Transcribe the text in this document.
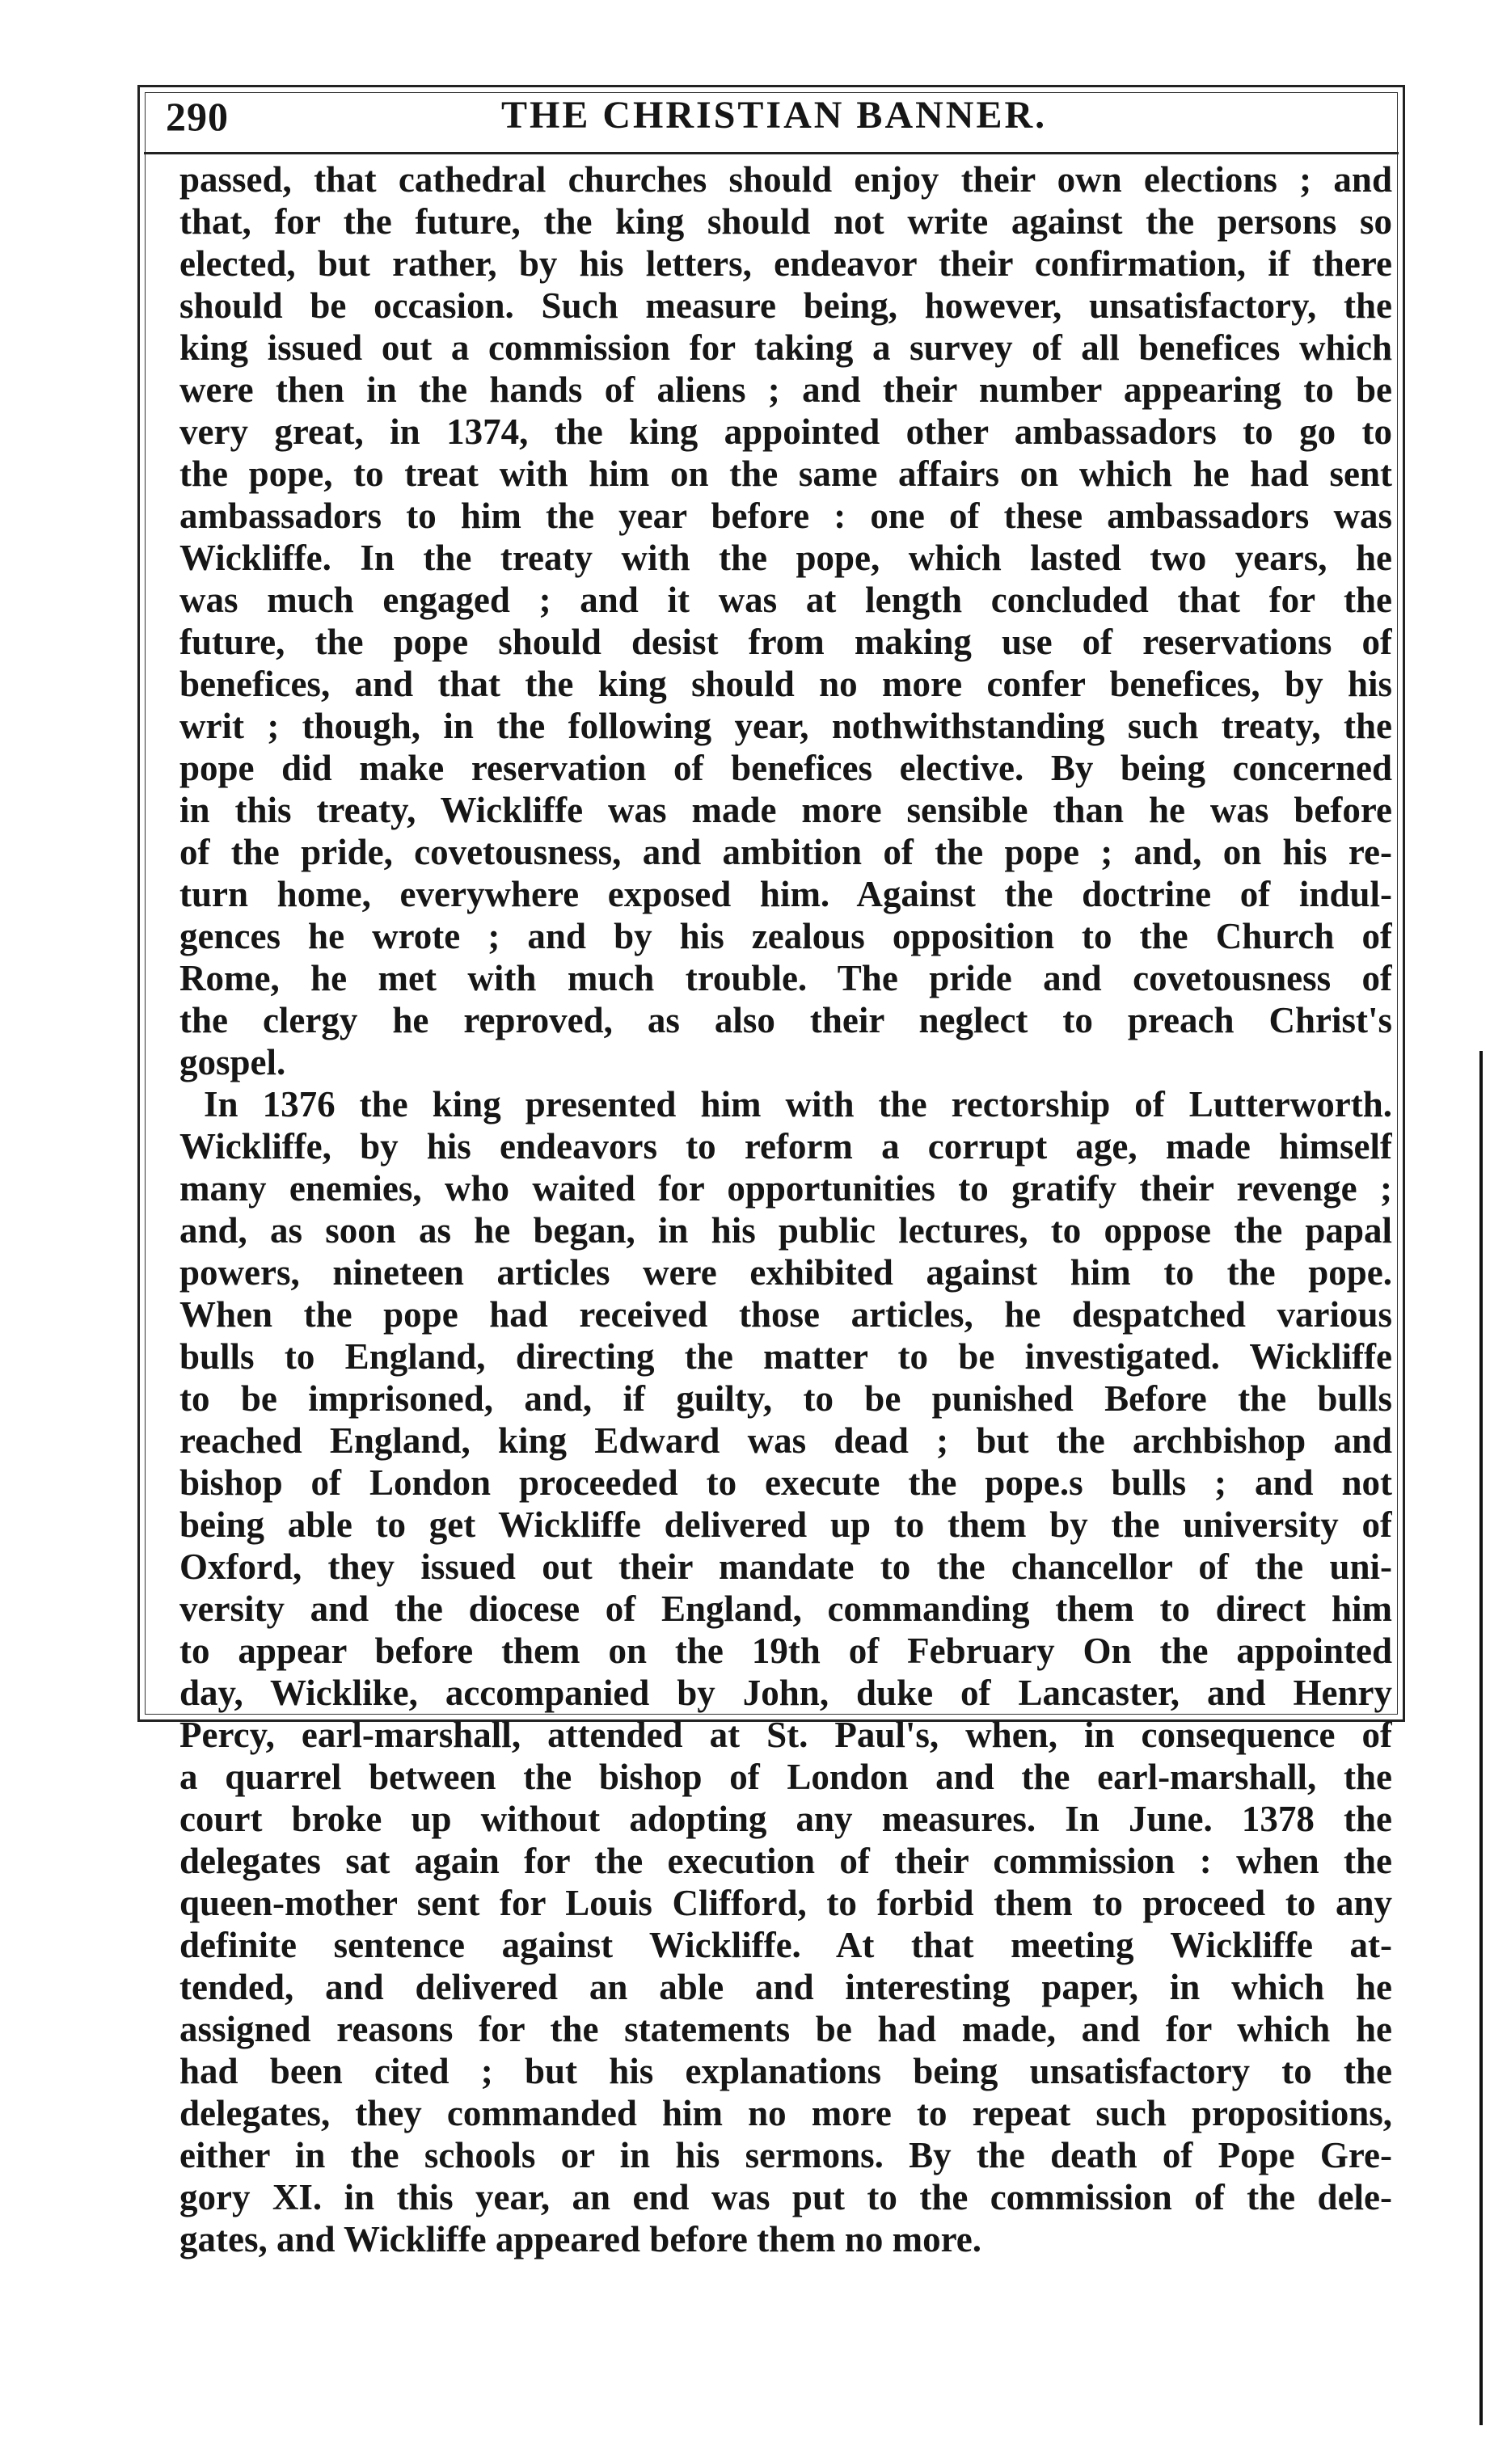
290	THE CHRISTIAN BANNER.
passed, that cathedral churches should enjoy their own elections ; and
that, for the future, the king should not write against the persons so
elected, but rather, by his letters, endeavor their confirmation, if there
should be occasion. Such measure being, however, unsatisfactory, the
king issued out a commission for taking a survey of all benefices which
were then in the hands of aliens ; and their number appearing to be
very great, in 1374, the king appointed other ambassadors to go to
the pope, to treat with him on the same affairs on which he had sent
ambassadors to him the year before : one of these ambassadors was
Wickliffe. In the treaty with the pope, which lasted two years, he
was much engaged ; and it was at length concluded that for the
future, the pope should desist from making use of reservations of
benefices, and that the king should no more confer benefices, by his
writ ; though, in the following year, nothwithstanding such treaty, the
pope did make reservation of benefices elective. By being concerned
in this treaty, Wickliffe was made more sensible than he was before
of the pride, covetousness, and ambition of the pope ; and, on his re-
turn home, everywhere exposed him. Against the doctrine of indul-
gences he wrote ; and by his zealous opposition to the Church of
Rome, he met with much trouble. The pride and covetousness of
the clergy he reproved, as also their neglect to preach Christ's
gospel.
In 1376 the king presented him with the rectorship of Lutterworth.
Wickliffe, by his endeavors to reform a corrupt age, made himself
many enemies, who waited for opportunities to gratify their revenge ;
and, as soon as he began, in his public lectures, to oppose the papal
powers, nineteen articles were exhibited against him to the pope.
When the pope had received those articles, he despatched various
bulls to England, directing the matter to be investigated. Wickliffe
to be imprisoned, and, if guilty, to be punished Before the bulls
reached England, king Edward was dead ; but the archbishop and
bishop of London proceeded to execute the pope.s bulls ; and not
being able to get Wickliffe delivered up to them by the university of
Oxford, they issued out their mandate to the chancellor of the uni-
versity and the diocese of England, commanding them to direct him
to appear before them on the 19th of February On the appointed
day, Wicklike, accompanied by John, duke of Lancaster, and Henry
Percy, earl-marshall, attended at St. Paul's, when, in consequence of
a quarrel between the bishop of London and the earl-marshall, the
court broke up without adopting any measures. In June. 1378 the
delegates sat again for the execution of their commission : when the
queen-mother sent for Louis Clifford, to forbid them to proceed to any
definite sentence against Wickliffe. At that meeting Wickliffe at-
tended, and delivered an able and interesting paper, in which he
assigned reasons for the statements be had made, and for which he
had been cited ; but his explanations being unsatisfactory to the
delegates, they commanded him no more to repeat such propositions,
either in the schools or in his sermons. By the death of Pope Gre-
gory XI. in this year, an end was put to the commission of the dele-
gates, and Wickliffe appeared before them no more.
